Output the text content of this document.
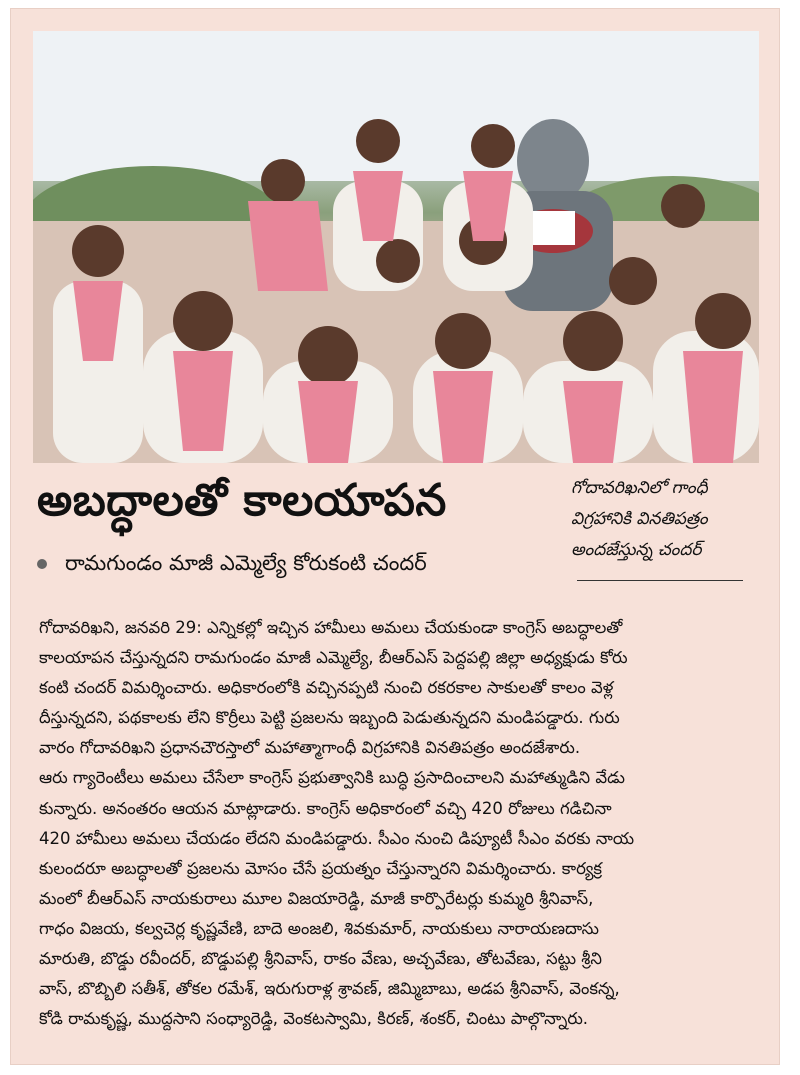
అబద్ధాలతో కాలయాపన
రామగుండం మాజీ ఎమ్మెల్యే కోరుకంటి చందర్
గోదావరిఖనిలో గాంధీ
విగ్రహానికి వినతిపత్రం
అందజేస్తున్న చందర్
గోదావరిఖని, జనవరి 29: ఎన్నికల్లో ఇచ్చిన హామీలు అమలు చేయకుండా కాంగ్రెస్ అబద్ధాలతో
కాలయాపన చేస్తున్నదని రామగుండం మాజీ ఎమ్మెల్యే, బీఆర్ఎస్ పెద్దపల్లి జిల్లా అధ్యక్షుడు కోరు
కంటి చందర్ విమర్శించారు. అధికారంలోకి వచ్చినప్పటి నుంచి రకరకాల సాకులతో కాలం వెళ్ల
దీస్తున్నదని, పథకాలకు లేని కొర్రీలు పెట్టి ప్రజలను ఇబ్బంది పెడుతున్నదని మండిపడ్డారు. గురు
వారం గోదావరిఖని ప్రధానచౌరస్తాలో మహాత్మాగాంధీ విగ్రహానికి వినతిపత్రం అందజేశారు.
ఆరు గ్యారెంటీలు అమలు చేసేలా కాంగ్రెస్ ప్రభుత్వానికి బుద్ధి ప్రసాదించాలని మహాత్ముడిని వేడు
కున్నారు. అనంతరం ఆయన మాట్లాడారు. కాంగ్రెస్ అధికారంలో వచ్చి 420 రోజులు గడిచినా
420 హామీలు అమలు చేయడం లేదని మండిపడ్డారు. సీఎం నుంచి డిప్యూటీ సీఎం వరకు నాయ
కులందరూ అబద్ధాలతో ప్రజలను మోసం చేసే ప్రయత్నం చేస్తున్నారని విమర్శించారు. కార్యక్ర
మంలో బీఆర్ఎస్ నాయకురాలు మూల విజయారెడ్డి, మాజీ కార్పొరేటర్లు కుమ్మరి శ్రీనివాస్,
గాధం విజయ, కల్వచెర్ల కృష్ణవేణి, బాదె అంజలి, శివకుమార్, నాయకులు నారాయణదాసు
మారుతి, బొడ్డు రవీందర్, బొడ్డుపల్లి శ్రీనివాస్, రాకం వేణు, అచ్చవేణు, తోటవేణు, సట్టు శ్రీని
వాస్, బొబ్బిలి సతీశ్, తోకల రమేశ్, ఇరుగురాళ్ల శ్రావణ్, జిమ్మిబాబు, అడప శ్రీనివాస్, వెంకన్న,
కోడి రామకృష్ణ, ముద్దసాని సంధ్యారెడ్డి, వెంకటస్వామి, కిరణ్, శంకర్, చింటు పాల్గొన్నారు.
